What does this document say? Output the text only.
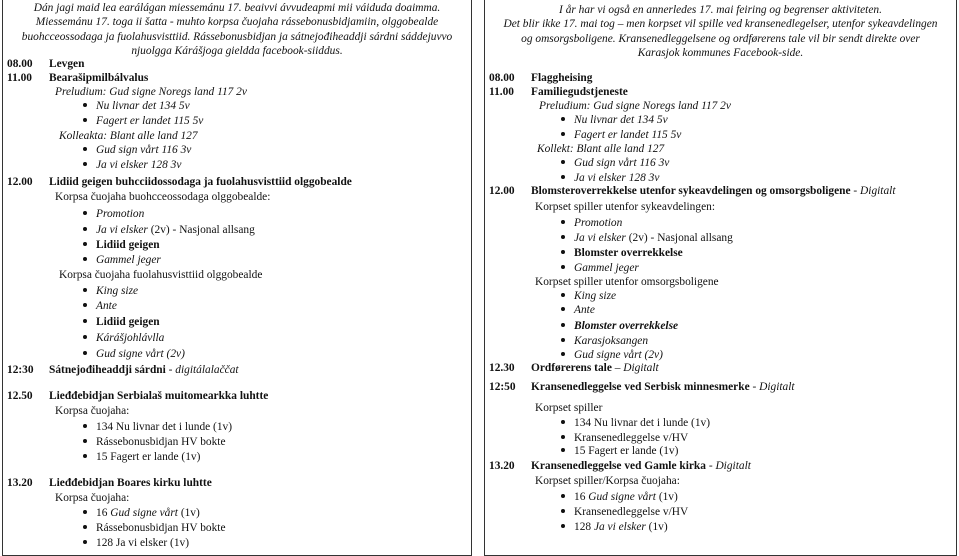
Dán jagi maid lea earálágan miessemánu 17. beaivvi ávvudeapmi mii váiduda doaimma.
Miessemánu 17. toga ii šatta - muhto korpsa čuojaha rássebonusbidjamiin, olggobealde
buohcceossodaga ja fuolahusvisttiid. Rássebonusbidjan ja sátnejođiheaddji sárdni sáddejuvvo
njuolgga Kárášjoga gieldda facebook-siiddus.
08.00 Levgen
11.00 Bearašipmilbálvalus
Preludium: Gud signe Noregs land 117 2v
Nu livnar det 134 5v
Fagert er landet 115 5v
Kolleakta: Blant alle land 127
Gud sign vårt 116 3v
Ja vi elsker 128 3v
12.00 Lidiid geigen buhcciidossodaga ja fuolahusvisttiid olggobealde
Korpsa čuojaha buohcceossodaga olggobealde:
Promotion
Ja vi elsker (2v) - Nasjonal allsang
Lidiid geigen
Gammel jeger
Korpsa čuojaha fuolahusvisttiid olggobealde
King size
Ante
Lidiid geigen
Kárášjohlávlla
Gud signe vårt (2v)
12:30 Sátnejođiheaddji sárdni - digitálalaččat
12.50 Lieđđebidjan Serbialaš muitomearkka luhtte
Korpsa čuojaha:
134 Nu livnar det i lunde (1v)
Rássebonusbidjan HV bokte
15 Fagert er lande (1v)
13.20 Lieđđebidjan Boares kirku luhtte
Korpsa čuojaha:
16 Gud signe vårt (1v)
Rássebonusbidjan HV bokte
128 Ja vi elsker (1v)
I år har vi også en annerledes 17. mai feiring og begrenser aktiviteten.
Det blir ikke 17. mai tog – men korpset vil spille ved kransenedlegelser, utenfor sykeavdelingen
og omsorgsboligene. Kransenedleggelsene og ordførerens tale vil bir sendt direkte over
Karasjok kommunes Facebook-side.
08.00 Flaggheising
11.00 Familiegudstjeneste
Preludium: Gud signe Noregs land 117 2v
Nu livnar det 134 5v
Fagert er landet 115 5v
Kollekt: Blant alle land 127
Gud sign vårt 116 3v
Ja vi elsker 128 3v
12.00 Blomsteroverrekkelse utenfor sykeavdelingen og omsorgsboligene - Digitalt
Korpset spiller utenfor sykeavdelingen:
Promotion
Ja vi elsker (2v) - Nasjonal allsang
Blomster overrekkelse
Gammel jeger
Korpset spiller utenfor omsorgsboligene
King size
Ante
Blomster overrekkelse
Karasjoksangen
Gud signe vårt (2v)
12.30 Ordførerens tale – Digitalt
12:50 Kransenedleggelse ved Serbisk minnesmerke - Digitalt
Korpset spiller
134 Nu livnar det i lunde (1v)
Kransenedleggelse v/HV
15 Fagert er lande (1v)
13.20 Kransenedleggelse ved Gamle kirka - Digitalt
Korpset spiller/Korpsa čuojaha:
16 Gud signe vårt (1v)
Kransenedleggelse v/HV
128 Ja vi elsker (1v)
